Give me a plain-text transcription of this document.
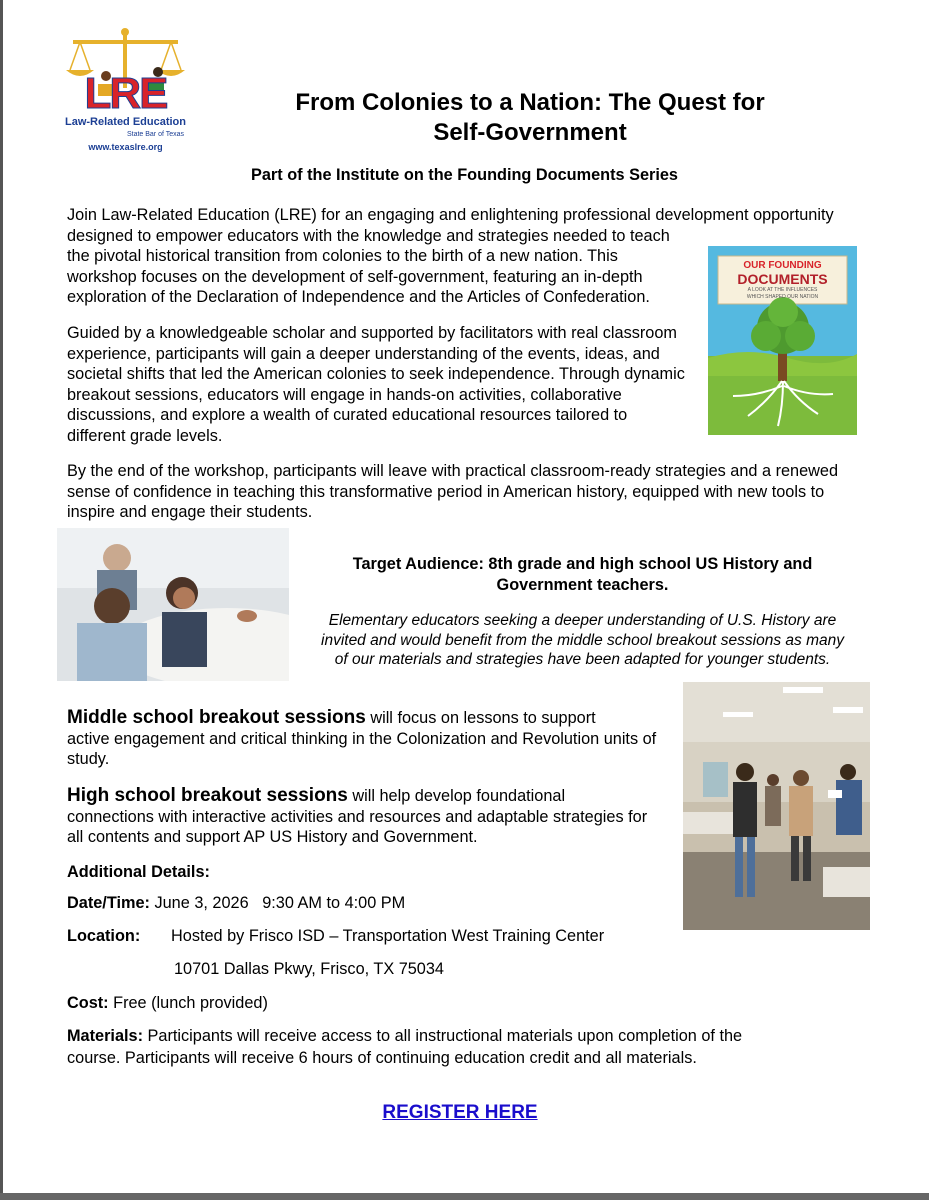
LRE
Law-Related Education
State Bar of Texas
www.texaslre.org
From Colonies to a Nation: The Quest for
Self-Government
Part of the Institute on the Founding Documents Series
Join Law-Related Education (LRE) for an engaging and enlightening professional development opportunity
designed to empower educators with the knowledge and strategies needed to teach
the pivotal historical transition from colonies to the birth of a new nation. This
workshop focuses on the development of self-government, featuring an in-depth
exploration of the Declaration of Independence and the Articles of Confederation.
OUR FOUNDING
DOCUMENTS
A LOOK AT THE INFLUENCES
WHICH SHAPED OUR NATION
Guided by a knowledgeable scholar and supported by facilitators with real classroom
experience, participants will gain a deeper understanding of the events, ideas, and
societal shifts that led the American colonies to seek independence. Through dynamic
breakout sessions, educators will engage in hands-on activities, collaborative
discussions, and explore a wealth of curated educational resources tailored to
different grade levels.
By the end of the workshop, participants will leave with practical classroom-ready strategies and a renewed
sense of confidence in teaching this transformative period in American history, equipped with new tools to
inspire and engage their students.
Target Audience: 8th grade and high school US History and
Government teachers.
Elementary educators seeking a deeper understanding of U.S. History are
invited and would benefit from the middle school breakout sessions as many
of our materials and strategies have been adapted for younger students.
Middle school breakout sessions will focus on lessons to support
active engagement and critical thinking in the Colonization and Revolution units of
study.
High school breakout sessions will help develop foundational
connections with interactive activities and resources and adaptable strategies for
all contents and support AP US History and Government.
Additional Details:
Date/Time: June 3, 2026   9:30 AM to 4:00 PM
Location: Hosted by Frisco ISD – Transportation West Training Center
10701 Dallas Pkwy, Frisco, TX 75034
Cost: Free (lunch provided)
Materials: Participants will receive access to all instructional materials upon completion of the
course. Participants will receive 6 hours of continuing education credit and all materials.
REGISTER HERE
